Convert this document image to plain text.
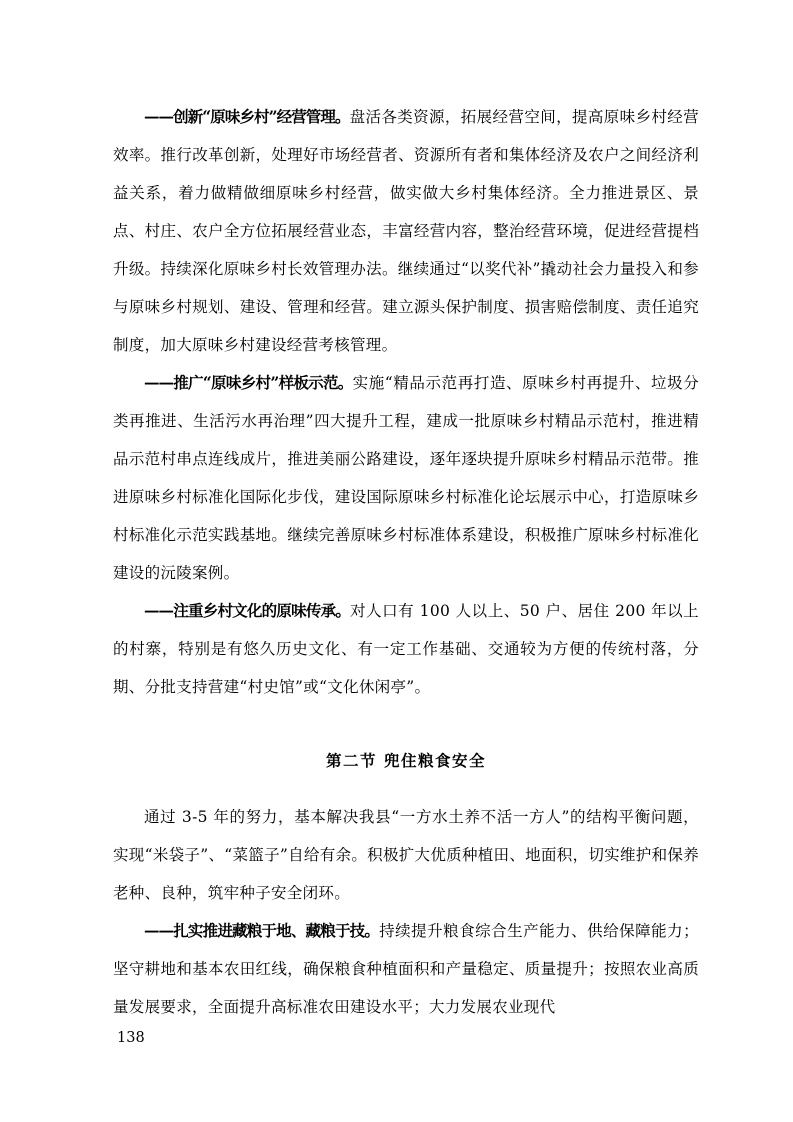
——创新“原味乡村”经营管理。盘活各类资源，拓展经营空间，提高原味乡村经营效率。推行改革创新，处理好市场经营者、资源所有者和集体经济及农户之间经济利益关系，着力做精做细原味乡村经营，做实做大乡村集体经济。全力推进景区、景点、村庄、农户全方位拓展经营业态，丰富经营内容，整治经营环境，促进经营提档升级。持续深化原味乡村长效管理办法。继续通过“以奖代补”撬动社会力量投入和参与原味乡村规划、建设、管理和经营。建立源头保护制度、损害赔偿制度、责任追究制度，加大原味乡村建设经营考核管理。

——推广“原味乡村”样板示范。实施“精品示范再打造、原味乡村再提升、垃圾分类再推进、生活污水再治理”四大提升工程，建成一批原味乡村精品示范村，推进精品示范村串点连线成片，推进美丽公路建设，逐年逐块提升原味乡村精品示范带。推进原味乡村标准化国际化步伐，建设国际原味乡村标准化论坛展示中心，打造原味乡村标准化示范实践基地。继续完善原味乡村标准体系建设，积极推广原味乡村标准化建设的沅陵案例。

——注重乡村文化的原味传承。对人口有 100 人以上、50 户、居住 200 年以上的村寨，特别是有悠久历史文化、有一定工作基础、交通较为方便的传统村落，分期、分批支持营建“村史馆”或“文化休闲亭”。

第二节 兜住粮食安全

通过 3-5 年的努力，基本解决我县“一方水土养不活一方人”的结构平衡问题，实现“米袋子”、“菜篮子”自给有余。积极扩大优质种植田、地面积，切实维护和保养老种、良种，筑牢种子安全闭环。

——扎实推进藏粮于地、藏粮于技。持续提升粮食综合生产能力、供给保障能力；坚守耕地和基本农田红线，确保粮食种植面积和产量稳定、质量提升；按照农业高质量发展要求，全面提升高标准农田建设水平；大力发展农业现代

138
